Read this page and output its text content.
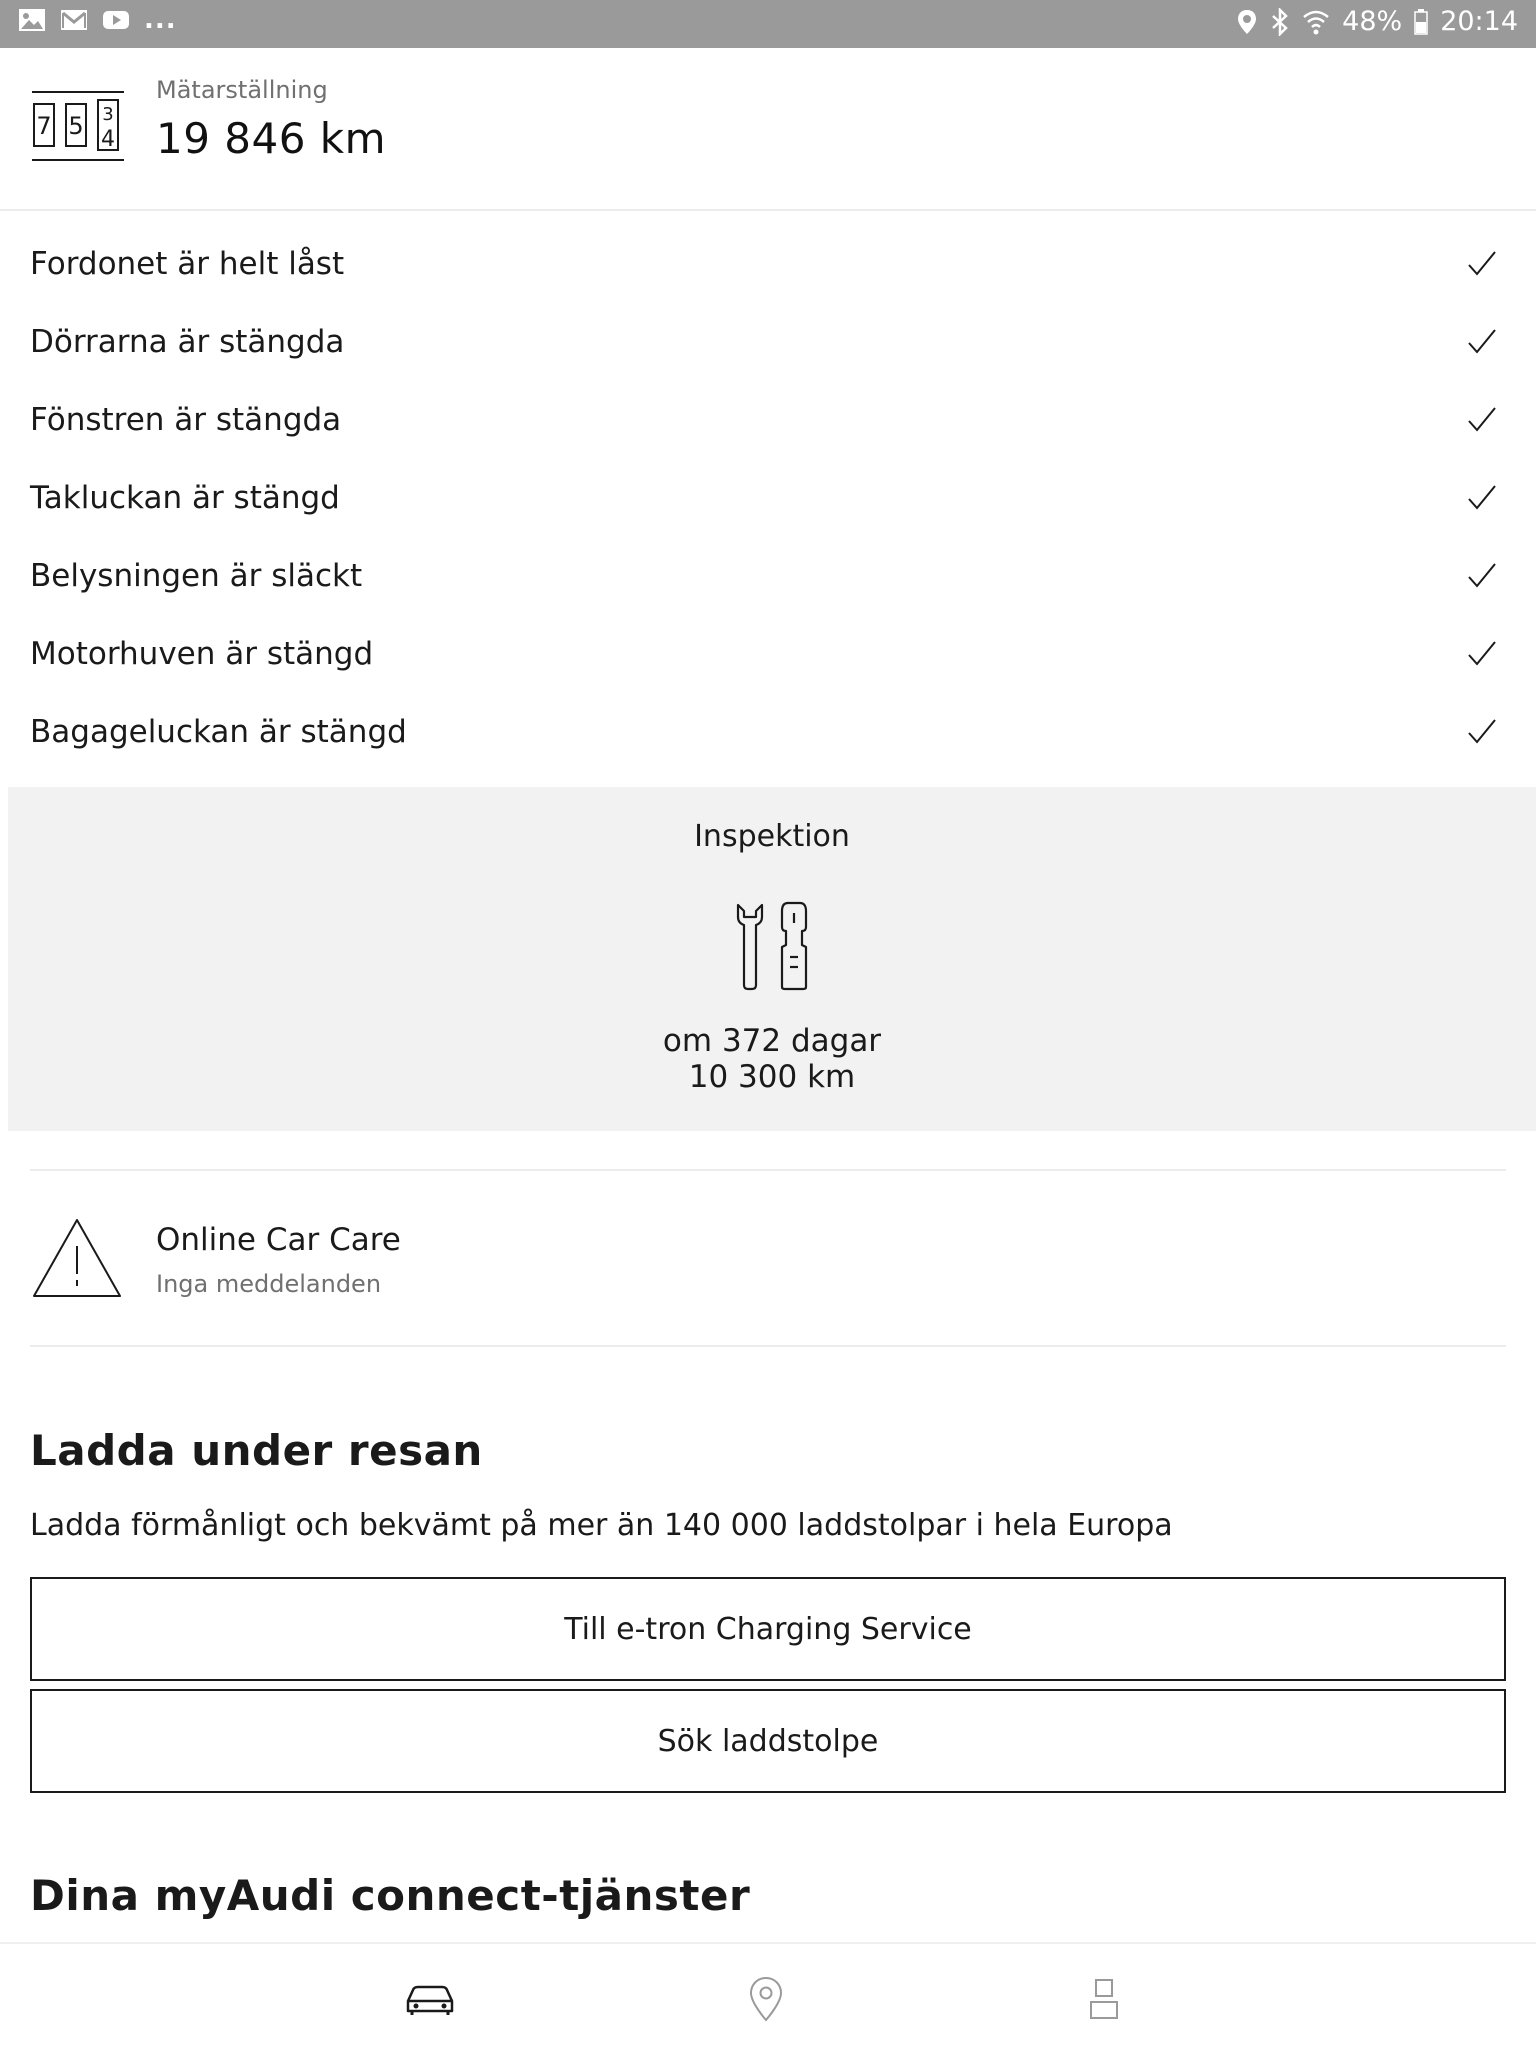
...	48% 20:14
7 5 3
4
Mätarställning
19 846 km
Fordonet är helt låst
Dörrarna är stängda
Fönstren är stängda
Takluckan är stängd
Belysningen är släckt
Motorhuven är stängd
Bagageluckan är stängd
Inspektion
om 372 dagar
10 300 km
Online Car Care
Inga meddelanden
Ladda under resan
Ladda förmånligt och bekvämt på mer än 140 000 laddstolpar i hela Europa
Till e-tron Charging Service
Sök laddstolpe
Dina myAudi connect-tjänster
